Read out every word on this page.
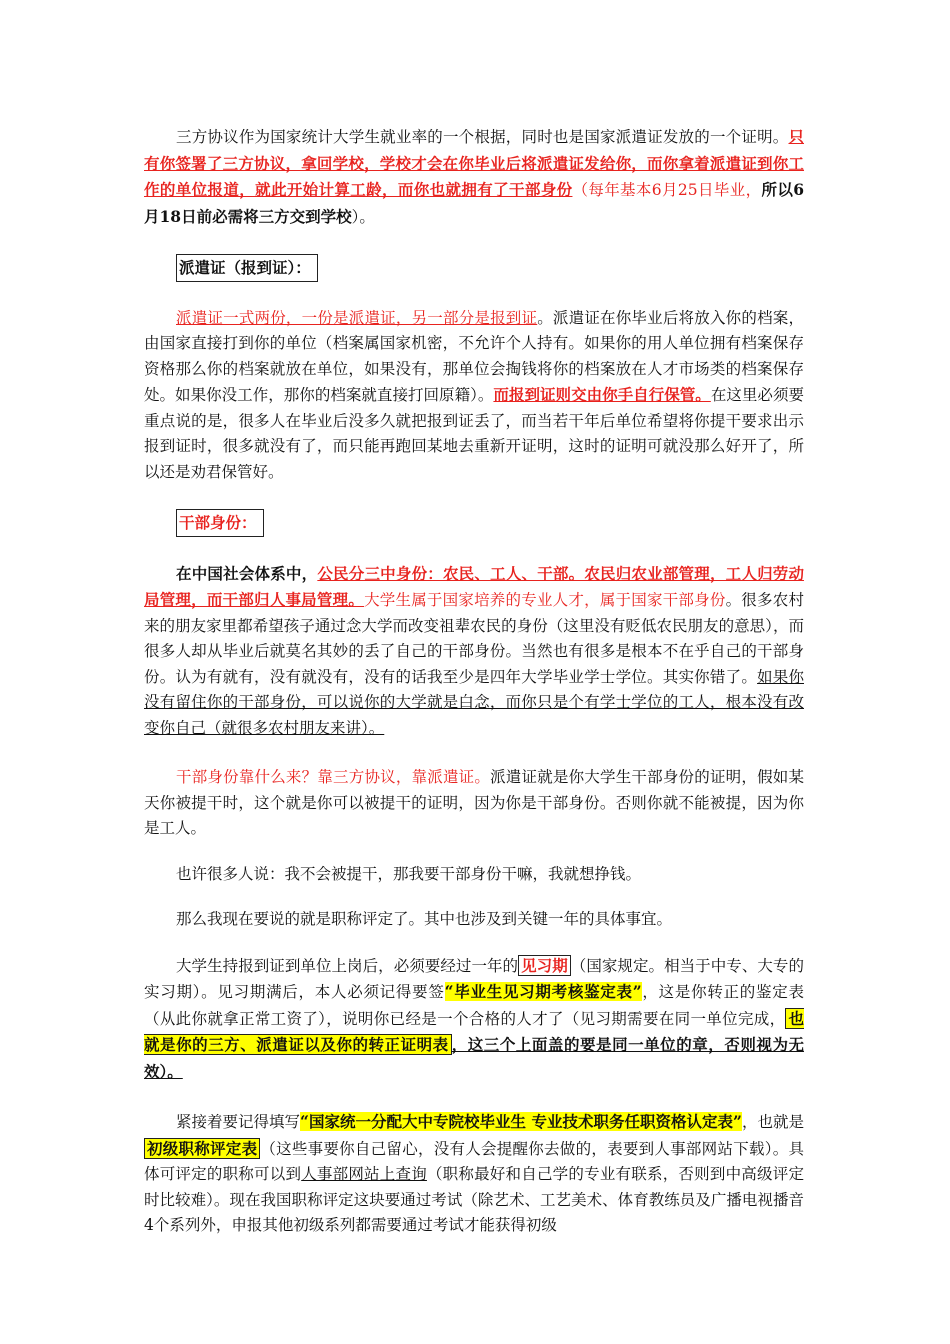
三方协议作为国家统计大学生就业率的一个根据，同时也是国家派遣证发放的一个证明。只有你签署了三方协议，拿回学校，学校才会在你毕业后将派遣证发给你，而你拿着派遣证到你工作的单位报道，就此开始计算工龄，而你也就拥有了干部身份（每年基本6月25日毕业，所以6月18日前必需将三方交到学校）。

派遣证（报到证）：

派遣证一式两份，一份是派遣证，另一部分是报到证。派遣证在你毕业后将放入你的档案，由国家直接打到你的单位（档案属国家机密，不允许个人持有。如果你的用人单位拥有档案保存资格那么你的档案就放在单位，如果没有，那单位会掏钱将你的档案放在人才市场类的档案保存处。如果你没工作，那你的档案就直接打回原籍）。而报到证则交由你手自行保管。在这里必须要重点说的是，很多人在毕业后没多久就把报到证丢了，而当若干年后单位希望将你提干要求出示报到证时，很多就没有了，而只能再跑回某地去重新开证明，这时的证明可就没那么好开了，所以还是劝君保管好。

干部身份：

在中国社会体系中，公民分三中身份：农民、工人、干部。农民归农业部管理，工人归劳动局管理，而干部归人事局管理。大学生属于国家培养的专业人才，属于国家干部身份。很多农村来的朋友家里都希望孩子通过念大学而改变祖辈农民的身份（这里没有贬低农民朋友的意思），而很多人却从毕业后就莫名其妙的丢了自己的干部身份。当然也有很多是根本不在乎自己的干部身份。认为有就有，没有就没有，没有的话我至少是四年大学毕业学士学位。其实你错了。如果你没有留住你的干部身份，可以说你的大学就是白念，而你只是个有学士学位的工人，根本没有改变你自己（就很多农村朋友来讲）。

干部身份靠什么来？靠三方协议，靠派遣证。派遣证就是你大学生干部身份的证明，假如某天你被提干时，这个就是你可以被提干的证明，因为你是干部身份。否则你就不能被提，因为你是工人。

也许很多人说：我不会被提干，那我要干部身份干嘛，我就想挣钱。

那么我现在要说的就是职称评定了。其中也涉及到关键一年的具体事宜。

大学生持报到证到单位上岗后，必须要经过一年的 见习期 （国家规定。相当于中专、大专的实习期）。见习期满后，本人必须记得要签“毕业生见习期考核鉴定表”，这是你转正的鉴定表（从此你就拿正常工资了），说明你已经是一个合格的人才了（见习期需要在同一单位完成， 也就是你的三方、派遣证以及你的转正证明表 ，这三个上面盖的要是同一单位的章，否则视为无效）。

紧接着要记得填写“国家统一分配大中专院校毕业生 专业技术职务任职资格认定表”，也就是初级职称评定表 （这些事要你自己留心，没有人会提醒你去做的，表要到人事部网站下载）。具体可评定的职称可以到人事部网站上查询（职称最好和自己学的专业有联系，否则到中高级评定时比较难）。现在我国职称评定这块要通过考试（除艺术、工艺美术、体育教练员及广播电视播音4个系列外，申报其他初级系列都需要通过考试才能获得初级
